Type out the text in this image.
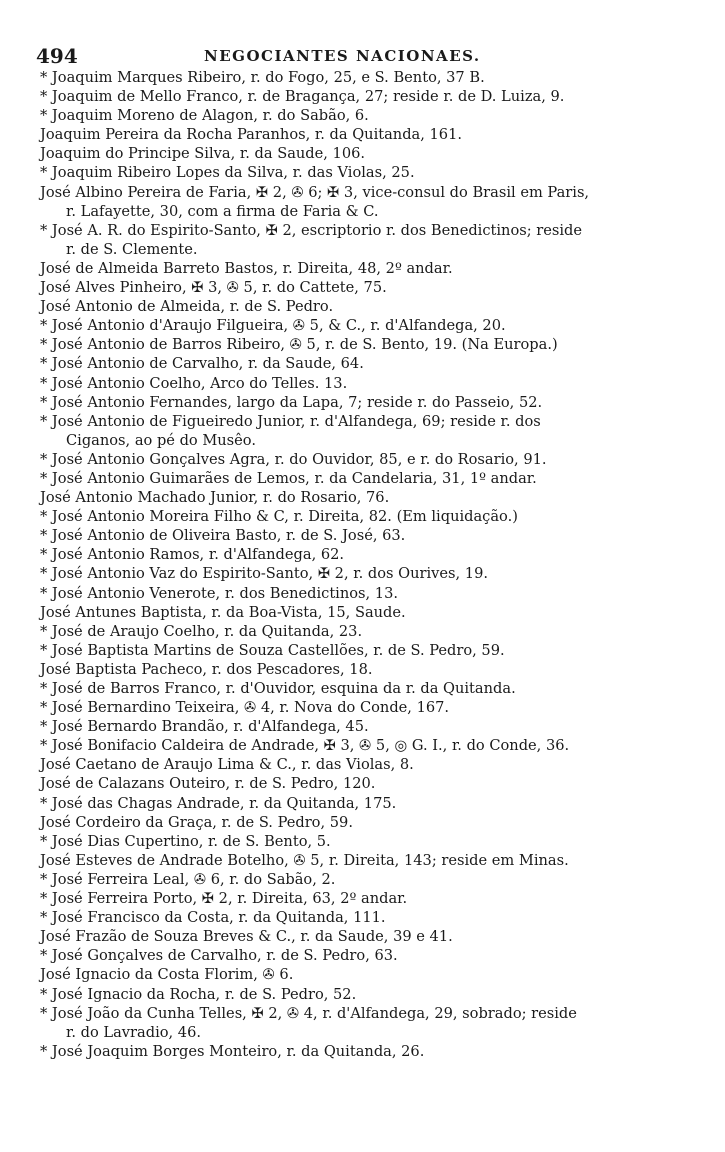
494	NEGOCIANTES NACIONAES.
* Joaquim Marques Ribeiro, r. do Fogo, 25, e S. Bento, 37 B.
* Joaquim de Mello Franco, r. de Bragança, 27; reside r. de D. Luiza, 9.
* Joaquim Moreno de Alagon, r. do Sabão, 6.
Joaquim Pereira da Rocha Paranhos, r. da Quitanda, 161.
Joaquim do Principe Silva, r. da Saude, 106.
* Joaquim Ribeiro Lopes da Silva, r. das Violas, 25.
José Albino Pereira de Faria, ✠ 2, ✇ 6; ✠ 3, vice-consul do Brasil em Paris,
r. Lafayette, 30, com a firma de Faria & C.
* José A. R. do Espirito-Santo, ✠ 2, escriptorio r. dos Benedictinos; reside
r. de S. Clemente.
José de Almeida Barreto Bastos, r. Direita, 48, 2º andar.
José Alves Pinheiro, ✠ 3, ✇ 5, r. do Cattete, 75.
José Antonio de Almeida, r. de S. Pedro.
* José Antonio d'Araujo Filgueira, ✇ 5, & C., r. d'Alfandega, 20.
* José Antonio de Barros Ribeiro, ✇ 5, r. de S. Bento, 19. (Na Europa.)
* José Antonio de Carvalho, r. da Saude, 64.
* José Antonio Coelho, Arco do Telles. 13.
* José Antonio Fernandes, largo da Lapa, 7; reside r. do Passeio, 52.
* José Antonio de Figueiredo Junior, r. d'Alfandega, 69; reside r. dos
Ciganos, ao pé do Musêo.
* José Antonio Gonçalves Agra, r. do Ouvidor, 85, e r. do Rosario, 91.
* José Antonio Guimarães de Lemos, r. da Candelaria, 31, 1º andar.
José Antonio Machado Junior, r. do Rosario, 76.
* José Antonio Moreira Filho & C, r. Direita, 82. (Em liquidação.)
* José Antonio de Oliveira Basto, r. de S. José, 63.
* José Antonio Ramos, r. d'Alfandega, 62.
* José Antonio Vaz do Espirito-Santo, ✠ 2, r. dos Ourives, 19.
* José Antonio Venerote, r. dos Benedictinos, 13.
José Antunes Baptista, r. da Boa-Vista, 15, Saude.
* José de Araujo Coelho, r. da Quitanda, 23.
* José Baptista Martins de Souza Castellões, r. de S. Pedro, 59.
José Baptista Pacheco, r. dos Pescadores, 18.
* José de Barros Franco, r. d'Ouvidor, esquina da r. da Quitanda.
* José Bernardino Teixeira, ✇ 4, r. Nova do Conde, 167.
* José Bernardo Brandão, r. d'Alfandega, 45.
* José Bonifacio Caldeira de Andrade, ✠ 3, ✇ 5, ◎ G. I., r. do Conde, 36.
José Caetano de Araujo Lima & C., r. das Violas, 8.
José de Calazans Outeiro, r. de S. Pedro, 120.
* José das Chagas Andrade, r. da Quitanda, 175.
José Cordeiro da Graça, r. de S. Pedro, 59.
* José Dias Cupertino, r. de S. Bento, 5.
José Esteves de Andrade Botelho, ✇ 5, r. Direita, 143; reside em Minas.
* José Ferreira Leal, ✇ 6, r. do Sabão, 2.
* José Ferreira Porto, ✠ 2, r. Direita, 63, 2º andar.
* José Francisco da Costa, r. da Quitanda, 111.
José Frazão de Souza Breves & C., r. da Saude, 39 e 41.
* José Gonçalves de Carvalho, r. de S. Pedro, 63.
José Ignacio da Costa Florim, ✇ 6.
* José Ignacio da Rocha, r. de S. Pedro, 52.
* José João da Cunha Telles, ✠ 2, ✇ 4, r. d'Alfandega, 29, sobrado; reside
r. do Lavradio, 46.
* José Joaquim Borges Monteiro, r. da Quitanda, 26.
